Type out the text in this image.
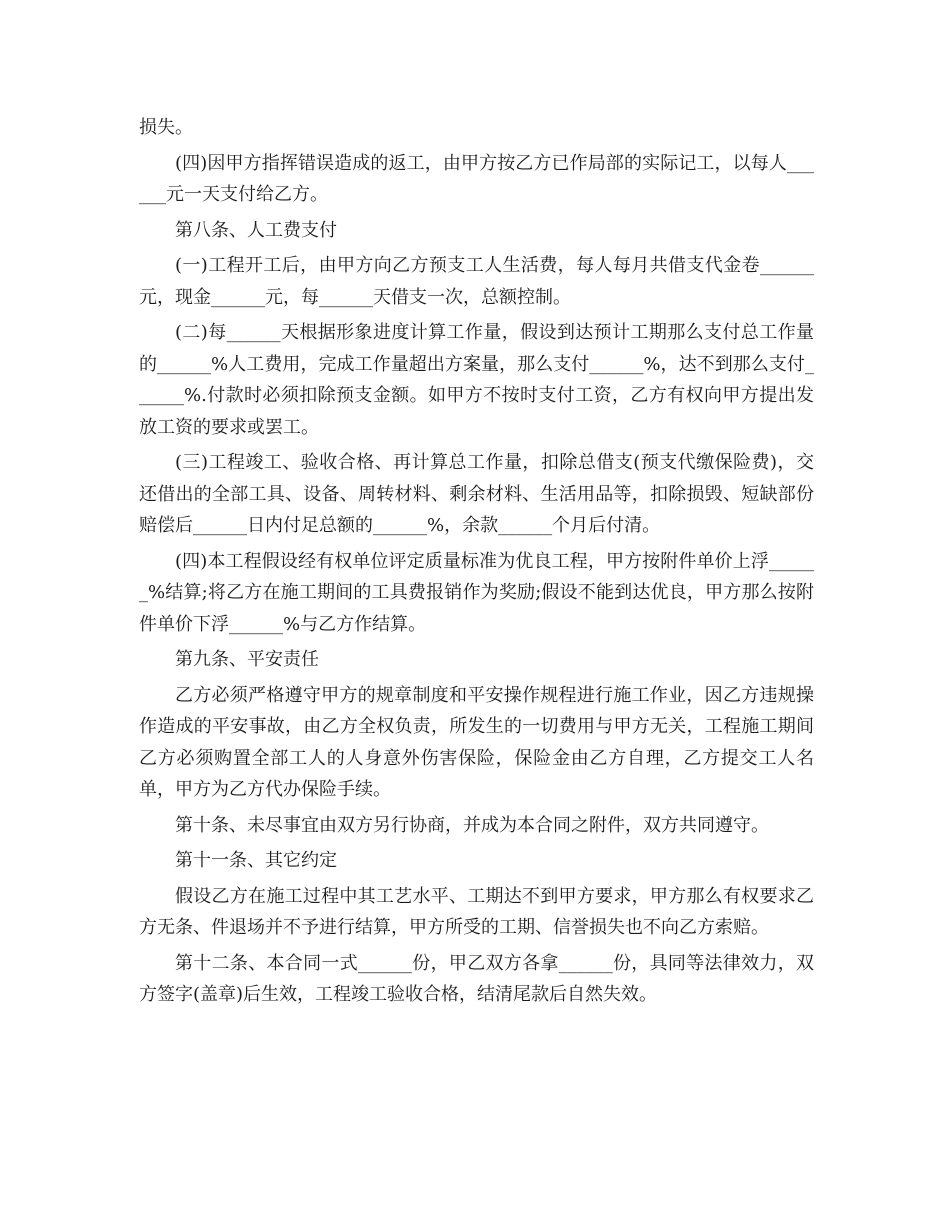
损失。

(四)因甲方指挥错误造成的返工，由甲方按乙方已作局部的实际记工，以每人______元一天支付给乙方。

第八条、人工费支付

(一)工程开工后，由甲方向乙方预支工人生活费，每人每月共借支代金卷______元，现金______元，每______天借支一次，总额控制。

(二)每______天根据形象进度计算工作量，假设到达预计工期那么支付总工作量的______%人工费用，完成工作量超出方案量，那么支付______%，达不到那么支付______%.付款时必须扣除预支金额。如甲方不按时支付工资，乙方有权向甲方提出发放工资的要求或罢工。

(三)工程竣工、验收合格、再计算总工作量，扣除总借支(预支代缴保险费)，交还借出的全部工具、设备、周转材料、剩余材料、生活用品等，扣除损毁、短缺部份赔偿后______日内付足总额的______%，余款______个月后付清。

(四)本工程假设经有权单位评定质量标准为优良工程，甲方按附件单价上浮______%结算;将乙方在施工期间的工具费报销作为奖励;假设不能到达优良，甲方那么按附件单价下浮______%与乙方作结算。

第九条、平安责任

乙方必须严格遵守甲方的规章制度和平安操作规程进行施工作业，因乙方违规操作造成的平安事故，由乙方全权负责，所发生的一切费用与甲方无关，工程施工期间乙方必须购置全部工人的人身意外伤害保险，保险金由乙方自理，乙方提交工人名单，甲方为乙方代办保险手续。

第十条、未尽事宜由双方另行协商，并成为本合同之附件，双方共同遵守。

第十一条、其它约定

假设乙方在施工过程中其工艺水平、工期达不到甲方要求，甲方那么有权要求乙方无条、件退场并不予进行结算，甲方所受的工期、信誉损失也不向乙方索赔。

第十二条、本合同一式______份，甲乙双方各拿______份，具同等法律效力，双方签字(盖章)后生效，工程竣工验收合格，结清尾款后自然失效。
